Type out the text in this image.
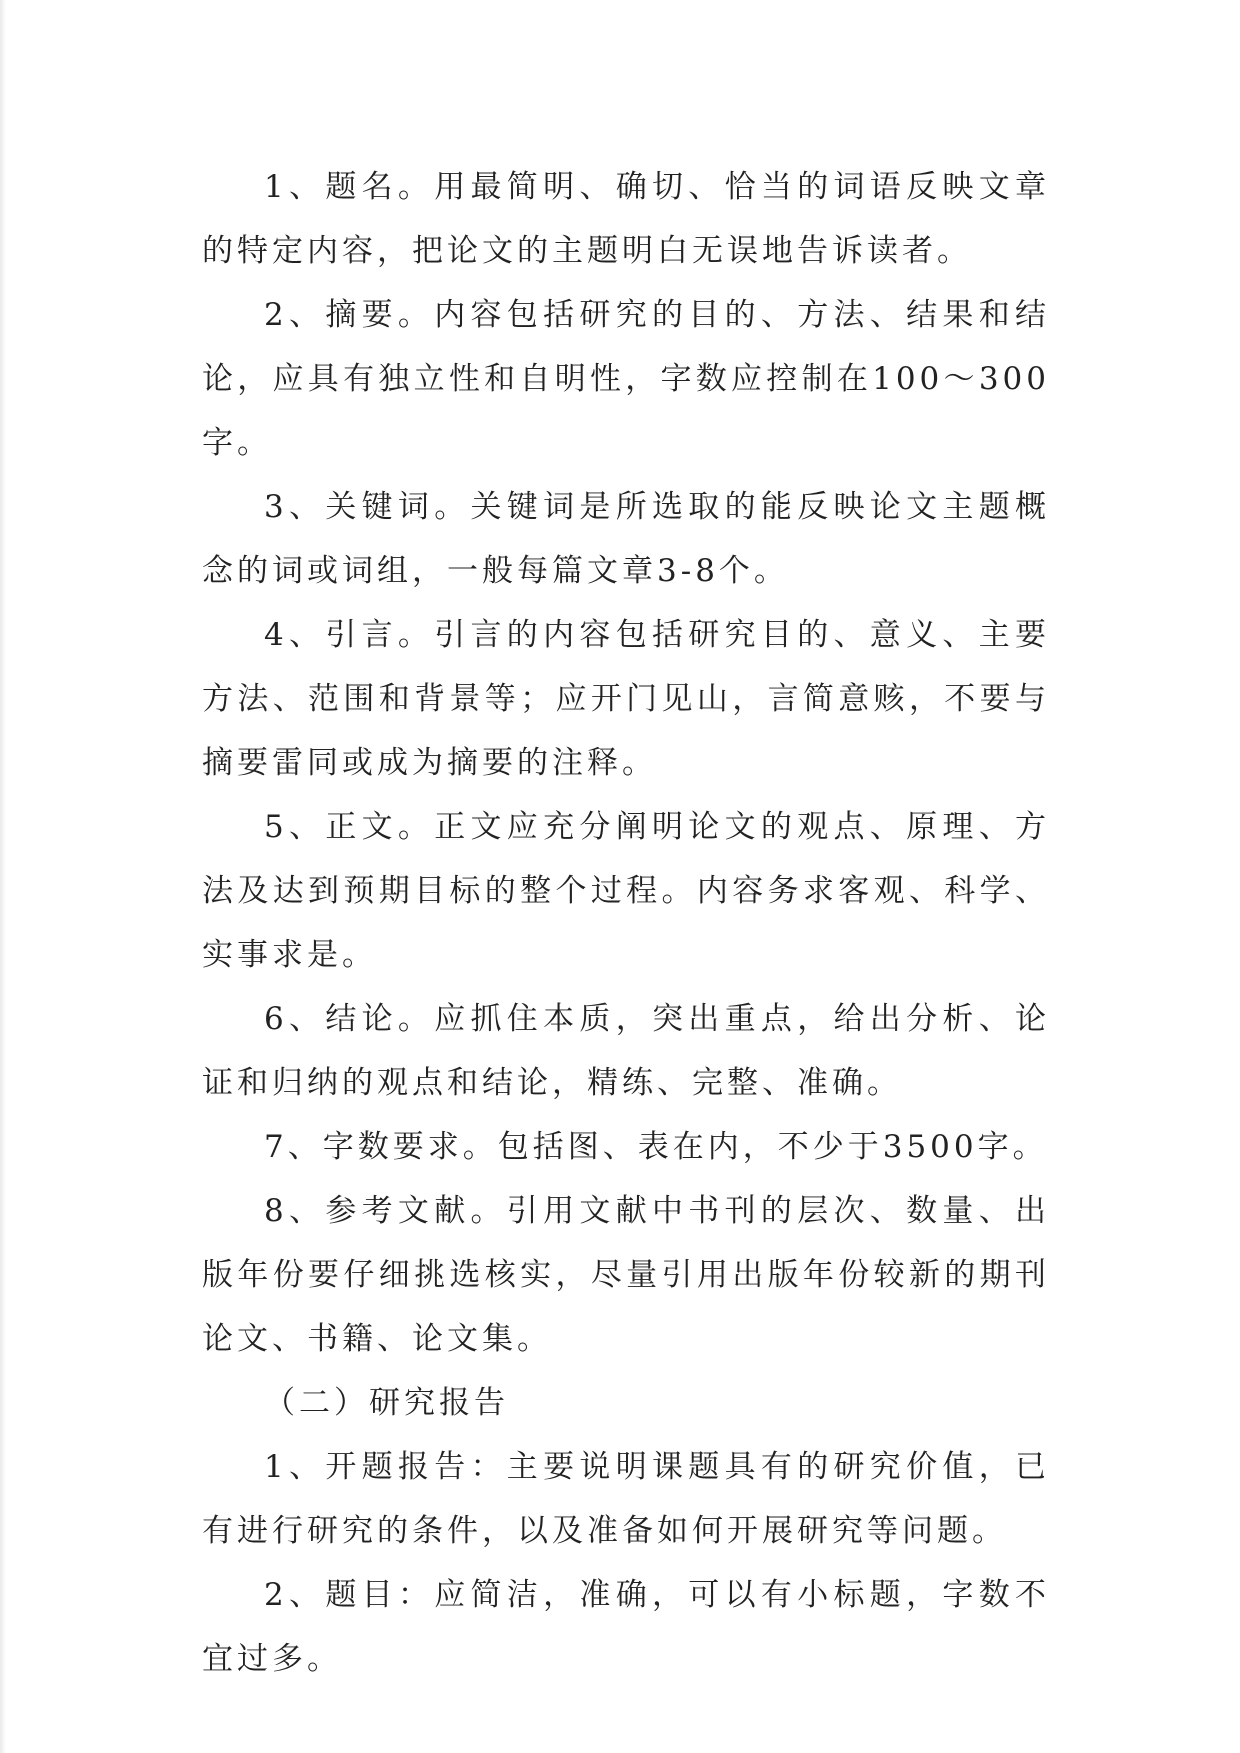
1、题名。用最简明、确切、恰当的词语反映文章的特定内容，把论文的主题明白无误地告诉读者。

2、摘要。内容包括研究的目的、方法、结果和结论，应具有独立性和自明性，字数应控制在100～300字。

3、关键词。关键词是所选取的能反映论文主题概念的词或词组，一般每篇文章3-8个。

4、引言。引言的内容包括研究目的、意义、主要方法、范围和背景等；应开门见山，言简意赅，不要与摘要雷同或成为摘要的注释。

5、正文。正文应充分阐明论文的观点、原理、方法及达到预期目标的整个过程。内容务求客观、科学、实事求是。

6、结论。应抓住本质，突出重点，给出分析、论证和归纳的观点和结论，精练、完整、准确。

7、字数要求。包括图、表在内，不少于3500字。

8、参考文献。引用文献中书刊的层次、数量、出版年份要仔细挑选核实，尽量引用出版年份较新的期刊论文、书籍、论文集。

（二）研究报告

1、开题报告：主要说明课题具有的研究价值，已有进行研究的条件，以及准备如何开展研究等问题。

2、题目：应简洁，准确，可以有小标题，字数不宜过多。
